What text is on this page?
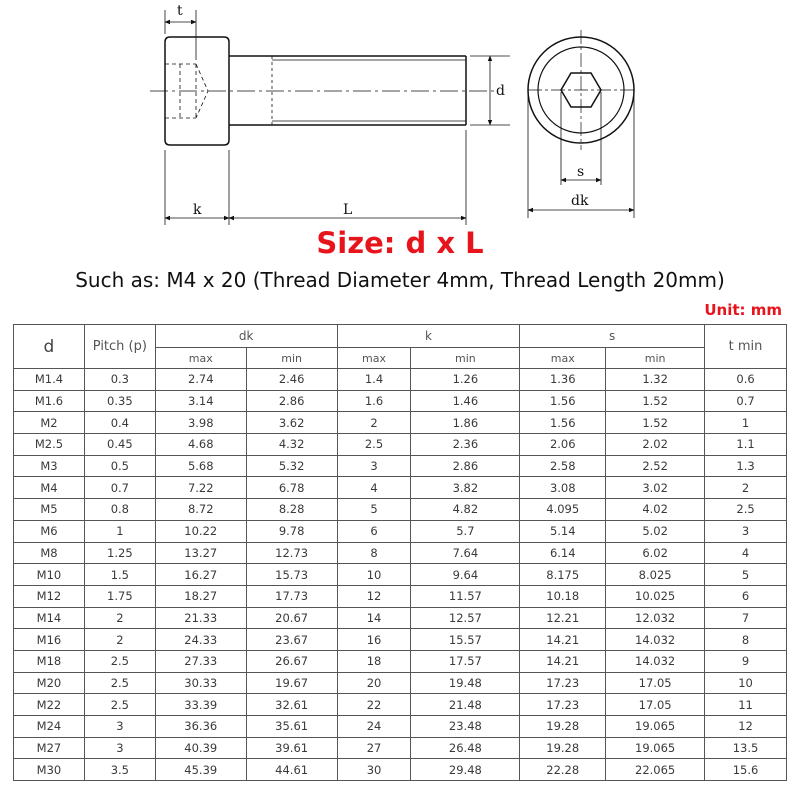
t
d
k	L
s
dk
Size: d x L
Such as: M4 x 20 (Thread Diameter 4mm, Thread Length 20mm)
Unit: mm
d	Pitch (p)	dk		k		s		t min
		max	min	max	min	max	min	
M1.4	0.3	2.74	2.46	1.4	1.26	1.36	1.32	0.6
M1.6	0.35	3.14	2.86	1.6	1.46	1.56	1.52	0.7
M2	0.4	3.98	3.62	2	1.86	1.56	1.52	1
M2.5	0.45	4.68	4.32	2.5	2.36	2.06	2.02	1.1
M3	0.5	5.68	5.32	3	2.86	2.58	2.52	1.3
M4	0.7	7.22	6.78	4	3.82	3.08	3.02	2
M5	0.8	8.72	8.28	5	4.82	4.095	4.02	2.5
M6	1	10.22	9.78	6	5.7	5.14	5.02	3
M8	1.25	13.27	12.73	8	7.64	6.14	6.02	4
M10	1.5	16.27	15.73	10	9.64	8.175	8.025	5
M12	1.75	18.27	17.73	12	11.57	10.18	10.025	6
M14	2	21.33	20.67	14	12.57	12.21	12.032	7
M16	2	24.33	23.67	16	15.57	14.21	14.032	8
M18	2.5	27.33	26.67	18	17.57	14.21	14.032	9
M20	2.5	30.33	19.67	20	19.48	17.23	17.05	10
M22	2.5	33.39	32.61	22	21.48	17.23	17.05	11
M24	3	36.36	35.61	24	23.48	19.28	19.065	12
M27	3	40.39	39.61	27	26.48	19.28	19.065	13.5
M30	3.5	45.39	44.61	30	29.48	22.28	22.065	15.6
